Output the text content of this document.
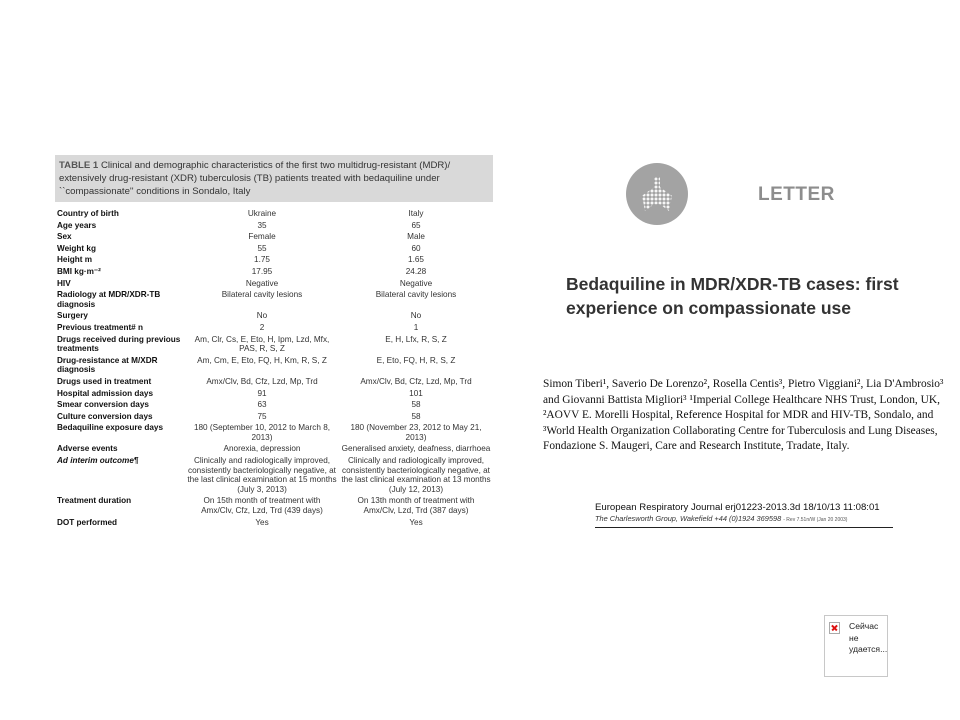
TABLE 1 Clinical and demographic characteristics of the first two multidrug-resistant (MDR)/ extensively drug-resistant (XDR) tuberculosis (TB) patients treated with bedaquiline under ``compassionate'' conditions in Sondalo, Italy
Country of birth	Ukraine	Italy
Age years	35	65
Sex	Female	Male
Weight kg	55	60
Height m	1.75	1.65
BMI kg·m⁻²	17.95	24.28
HIV	Negative	Negative
Radiology at MDR/XDR-TB diagnosis	Bilateral cavity lesions	Bilateral cavity lesions
Surgery	No	No
Previous treatment# n	2	1
Drugs received during previous treatments	Am, Clr, Cs, E, Eto, H, Ipm, Lzd, Mfx, PAS, R, S, Z	E, H, Lfx, R, S, Z
Drug-resistance at M/XDR diagnosis	Am, Cm, E, Eto, FQ, H, Km, R, S, Z	E, Eto, FQ, H, R, S, Z
Drugs used in treatment	Amx/Clv, Bd, Cfz, Lzd, Mp, Trd	Amx/Clv, Bd, Cfz, Lzd, Mp, Trd
Hospital admission days	91	101
Smear conversion days	63	58
Culture conversion days	75	58
Bedaquiline exposure days	180 (September 10, 2012 to March 8, 2013)	180 (November 23, 2012 to May 21, 2013)
Adverse events	Anorexia, depression	Generalised anxiety, deafness, diarrhoea
Ad interim outcome¶	Clinically and radiologically improved, consistently bacteriologically negative, at the last clinical examination at 15 months (July 3, 2013)	Clinically and radiologically improved, consistently bacteriologically negative, at the last clinical examination at 13 months (July 12, 2013)
Treatment duration	On 15th month of treatment with Amx/Clv, Cfz, Lzd, Trd (439 days)	On 13th month of treatment with Amx/Clv, Lzd, Trd (387 days)
DOT performed	Yes	Yes
LETTER
Bedaquiline in MDR/XDR-TB cases: first experience on compassionate use
Simon Tiberi¹, Saverio De Lorenzo², Rosella Centis³, Pietro Viggiani², Lia D'Ambrosio³ and Giovanni Battista Migliori³ ¹Imperial College Healthcare NHS Trust, London, UK, ²AOVV E. Morelli Hospital, Reference Hospital for MDR and HIV-TB, Sondalo, and ³World Health Organization Collaborating Centre for Tuberculosis and Lung Diseases, Fondazione S. Maugeri, Care and Research Institute, Tradate, Italy.
European Respiratory Journal erj01223-2013.3d 18/10/13 11:08:01
The Charlesworth Group, Wakefield +44 (0)1924 369598 - Rev 7.51n/W (Jan 20 2003)
Сейчас не удается...
